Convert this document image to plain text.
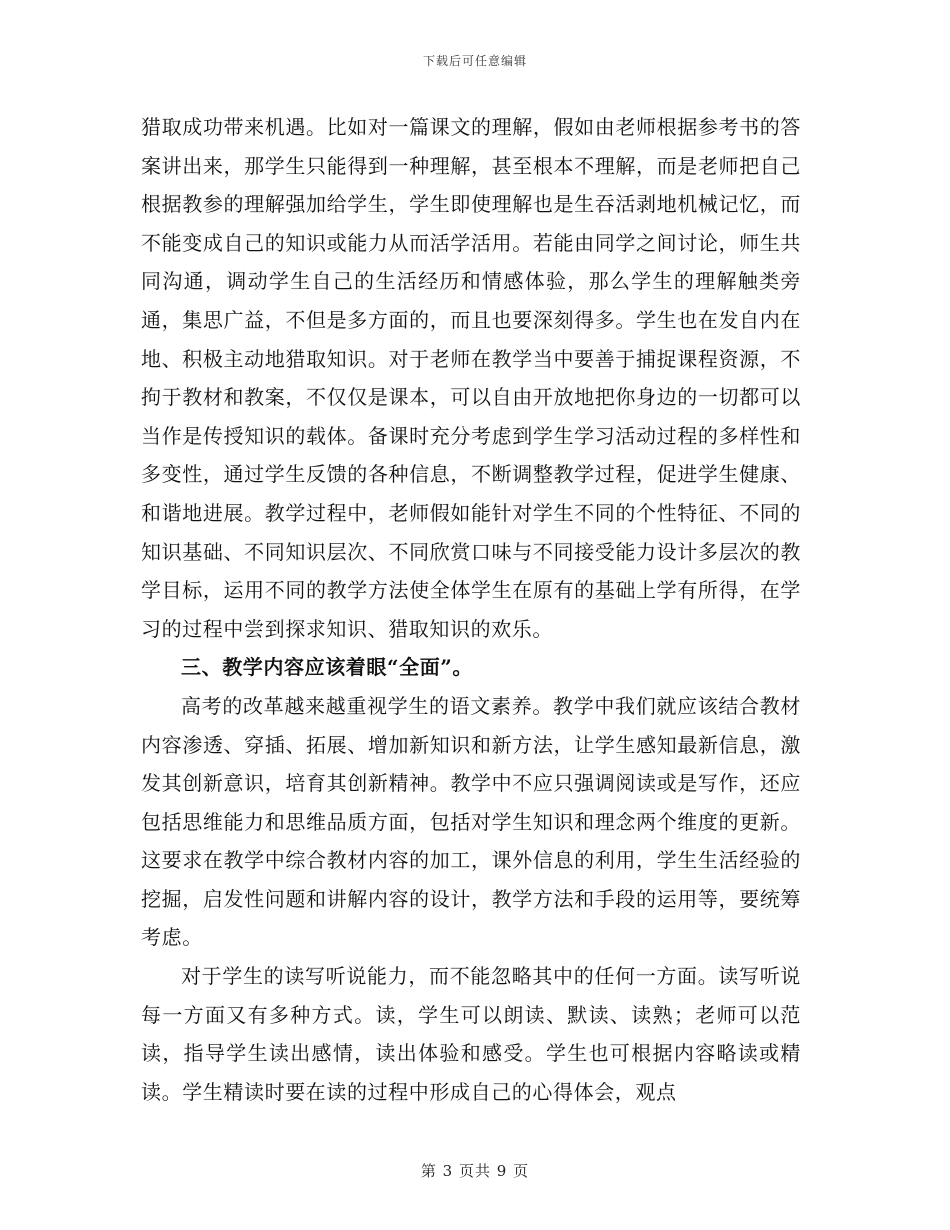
下载后可任意编辑

猎取成功带来机遇。比如对一篇课文的理解，假如由老师根据参考书的答案讲出来，那学生只能得到一种理解，甚至根本不理解，而是老师把自己根据教参的理解强加给学生，学生即使理解也是生吞活剥地机械记忆，而不能变成自己的知识或能力从而活学活用。若能由同学之间讨论，师生共同沟通，调动学生自己的生活经历和情感体验，那么学生的理解触类旁通，集思广益，不但是多方面的，而且也要深刻得多。学生也在发自内在地、积极主动地猎取知识。对于老师在教学当中要善于捕捉课程资源，不拘于教材和教案，不仅仅是课本，可以自由开放地把你身边的一切都可以当作是传授知识的载体。备课时充分考虑到学生学习活动过程的多样性和多变性，通过学生反馈的各种信息，不断调整教学过程，促进学生健康、和谐地进展。教学过程中，老师假如能针对学生不同的个性特征、不同的知识基础、不同知识层次、不同欣赏口味与不同接受能力设计多层次的教学目标，运用不同的教学方法使全体学生在原有的基础上学有所得，在学习的过程中尝到探求知识、猎取知识的欢乐。

三、教学内容应该着眼“全面”。

高考的改革越来越重视学生的语文素养。教学中我们就应该结合教材内容渗透、穿插、拓展、增加新知识和新方法，让学生感知最新信息，激发其创新意识，培育其创新精神。教学中不应只强调阅读或是写作，还应包括思维能力和思维品质方面，包括对学生知识和理念两个维度的更新。这要求在教学中综合教材内容的加工，课外信息的利用，学生生活经验的挖掘，启发性问题和讲解内容的设计，教学方法和手段的运用等，要统筹考虑。

对于学生的读写听说能力，而不能忽略其中的任何一方面。读写听说每一方面又有多种方式。读，学生可以朗读、默读、读熟；老师可以范读，指导学生读出感情，读出体验和感受。学生也可根据内容略读或精读。学生精读时要在读的过程中形成自己的心得体会，观点

第 3 页共 9 页
